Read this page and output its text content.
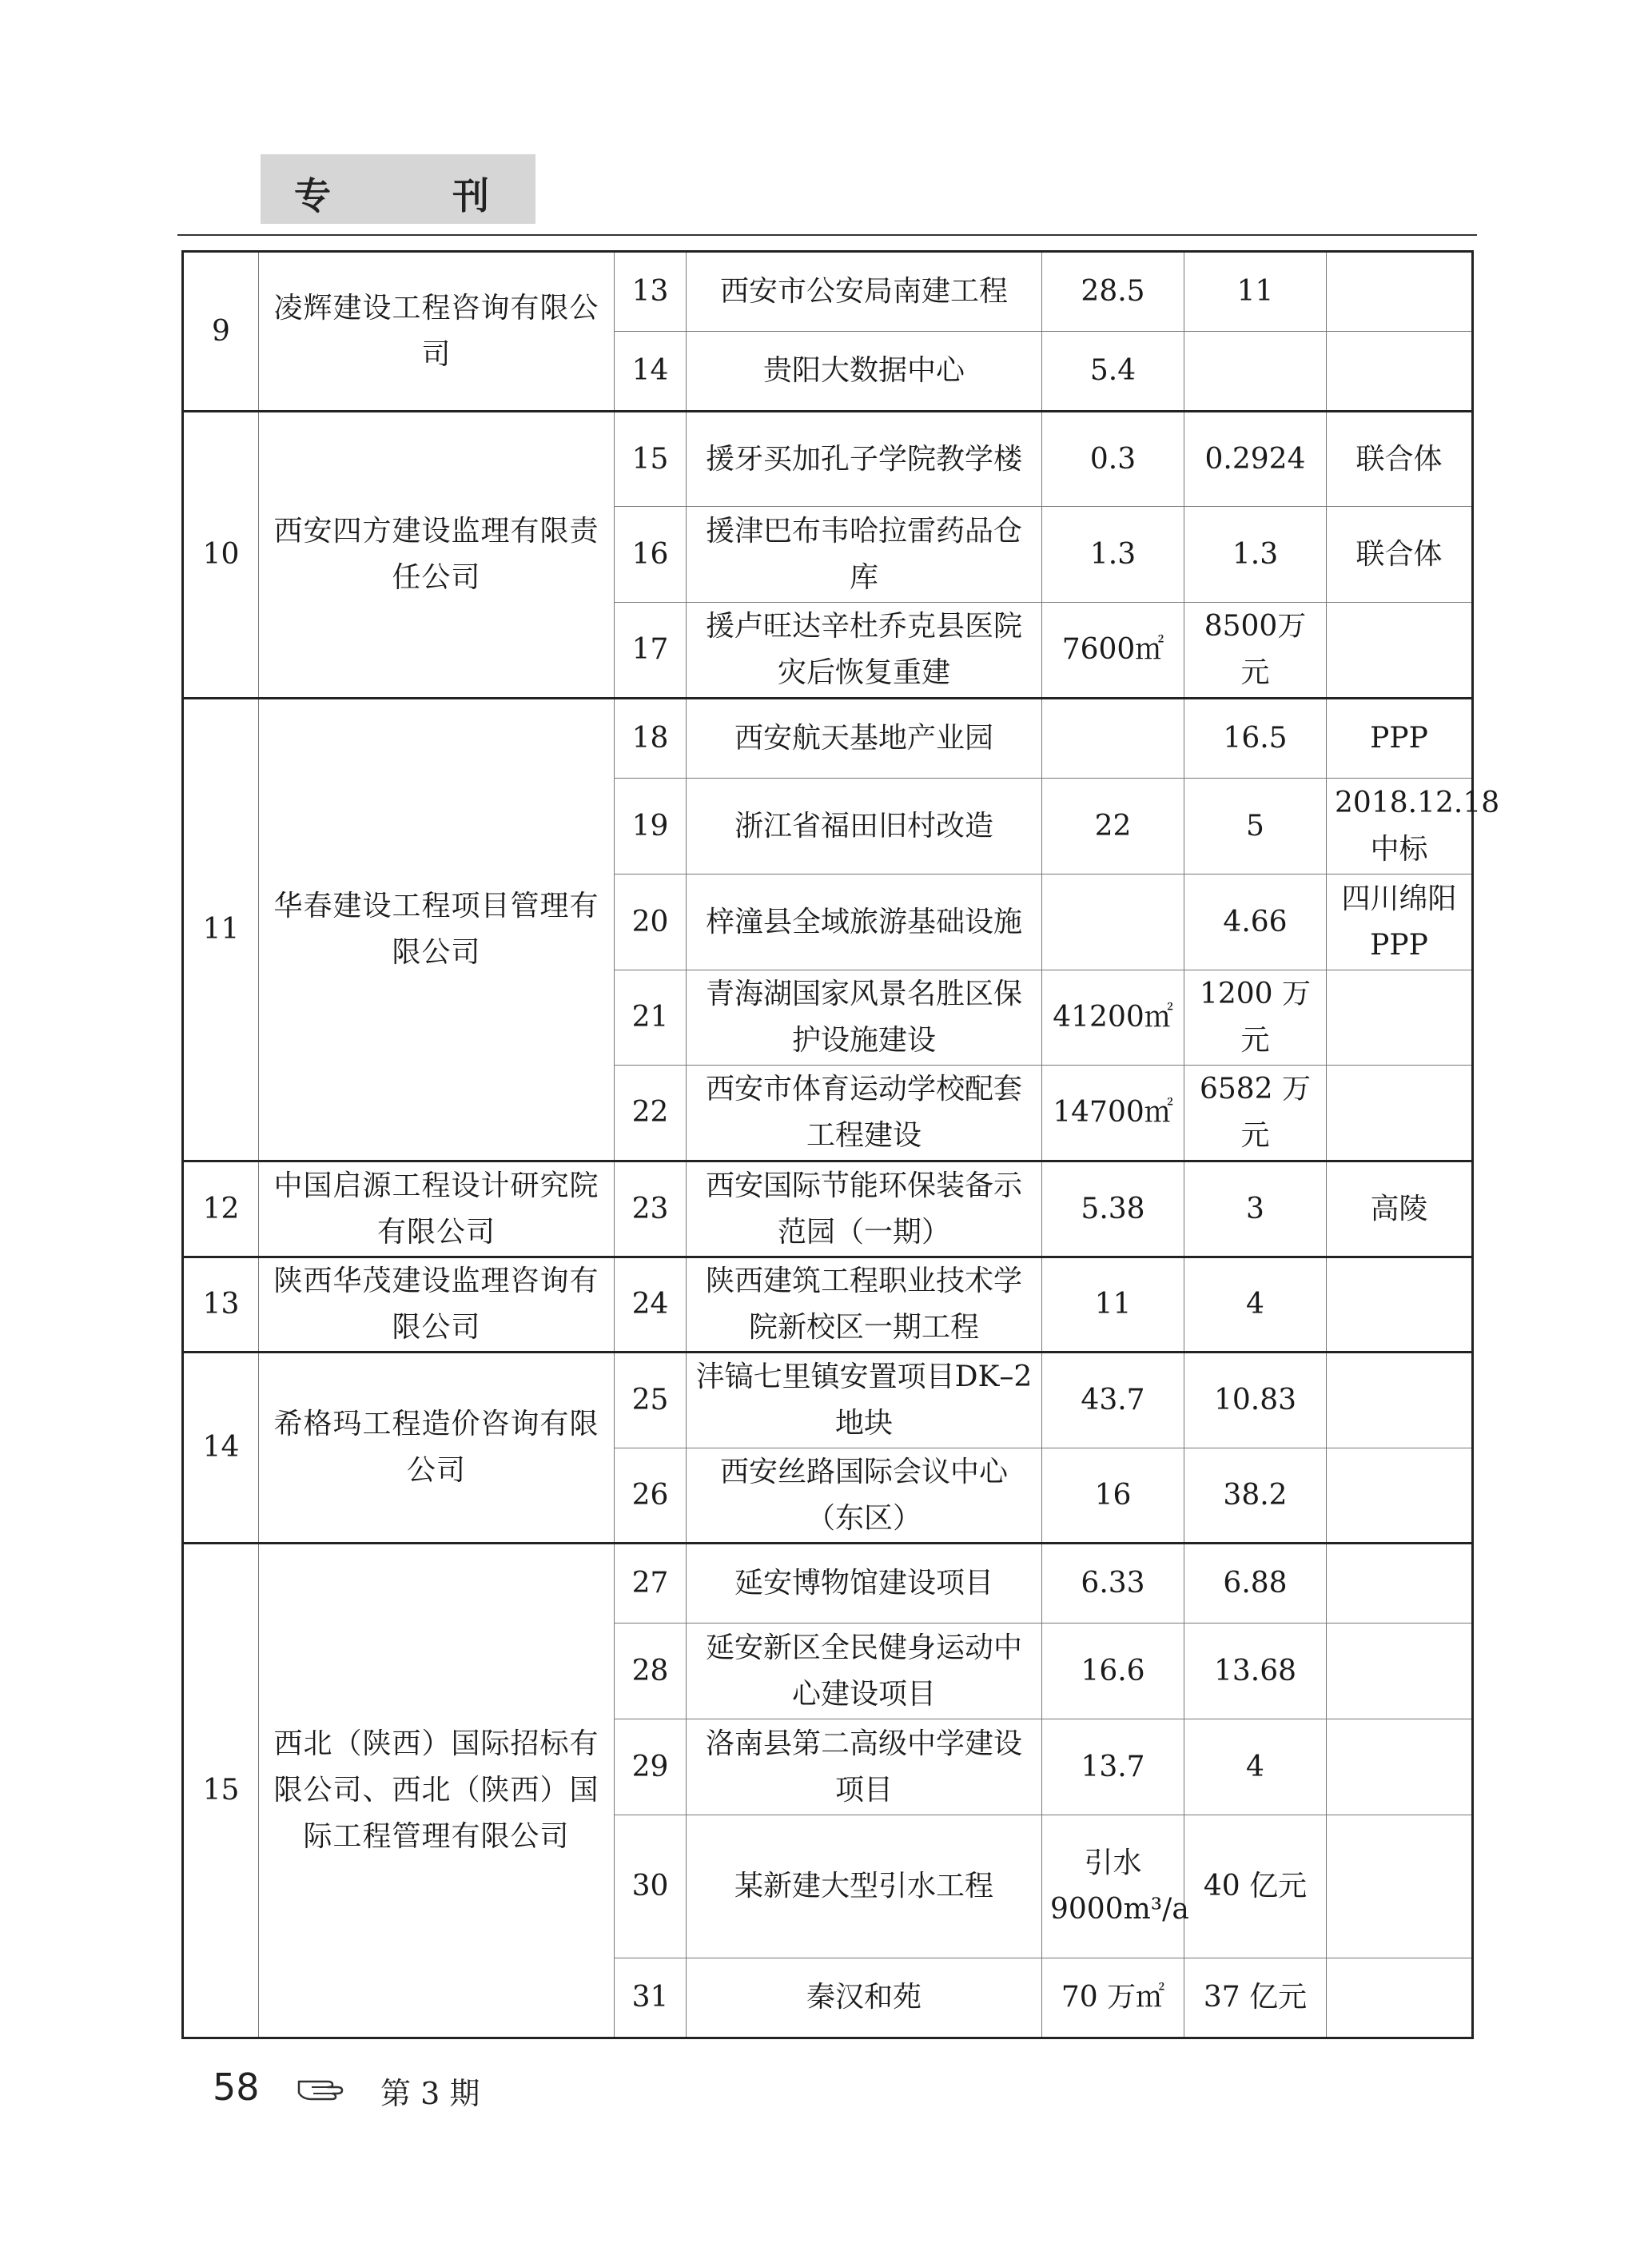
专	刊
9	凌辉建设工程咨询有限公司	13	西安市公安局南建工程	28.5	11	
		14	贵阳大数据中心	5.4		
10	西安四方建设监理有限责任公司	15	援牙买加孔子学院教学楼	0.3	0.2924	联合体
		16	援津巴布韦哈拉雷药品仓库	1.3	1.3	联合体
		17	援卢旺达辛杜乔克县医院灾后恢复重建	7600㎡	8500万元	
11	华春建设工程项目管理有限公司	18	西安航天基地产业园		16.5	PPP
		19	浙江省福田旧村改造	22	5	2018.12.18 中标
		20	梓潼县全域旅游基础设施		4.66	四川绵阳　PPP
		21	青海湖国家风景名胜区保护设施建设	41200㎡	1200 万元	
		22	西安市体育运动学校配套工程建设	14700㎡	6582 万元	
12	中国启源工程设计研究院有限公司	23	西安国际节能环保装备示范园（一期）	5.38	3	高陵
13	陕西华茂建设监理咨询有限公司	24	陕西建筑工程职业技术学院新校区一期工程	11	4	
14	希格玛工程造价咨询有限公司	25	沣镐七里镇安置项目DK–2 地块	43.7	10.83	
		26	西安丝路国际会议中心（东区）	16	38.2	
15	西北（陕西）国际招标有限公司、西北（陕西）国际工程管理有限公司	27	延安博物馆建设项目	6.33	6.88	
		28	延安新区全民健身运动中心建设项目	16.6	13.68	
		29	洛南县第二高级中学建设项目	13.7	4	
		30	某新建大型引水工程	引水9000m³/a	40 亿元	
		31	秦汉和苑	70 万㎡	37 亿元	
58	第 3 期
